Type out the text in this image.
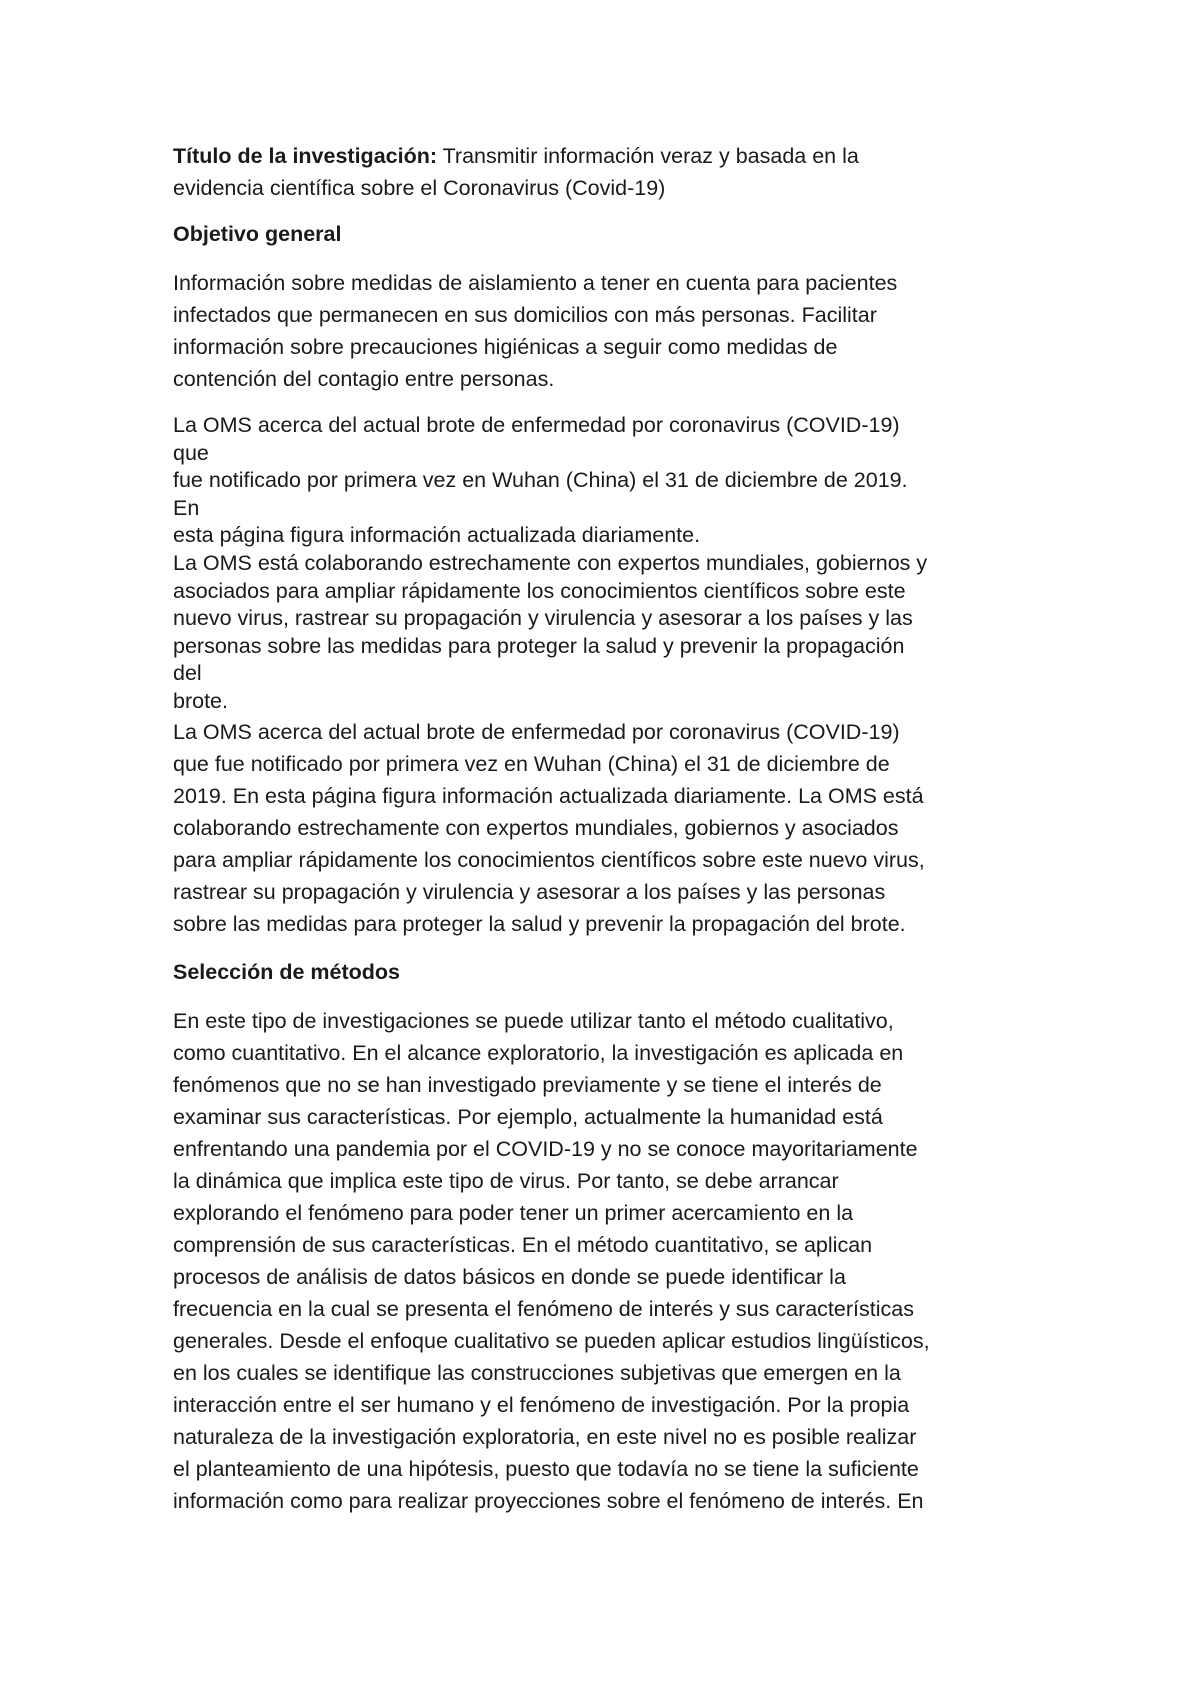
Título de la investigación: Transmitir información veraz y basada en la
evidencia científica sobre el Coronavirus (Covid-19)

Objetivo general

Información sobre medidas de aislamiento a tener en cuenta para pacientes
infectados que permanecen en sus domicilios con más personas. Facilitar
información sobre precauciones higiénicas a seguir como medidas de
contención del contagio entre personas.

La OMS acerca del actual brote de enfermedad por coronavirus (COVID-19)
que
fue notificado por primera vez en Wuhan (China) el 31 de diciembre de 2019.
En
esta página figura información actualizada diariamente.
La OMS está colaborando estrechamente con expertos mundiales, gobiernos y
asociados para ampliar rápidamente los conocimientos científicos sobre este
nuevo virus, rastrear su propagación y virulencia y asesorar a los países y las
personas sobre las medidas para proteger la salud y prevenir la propagación
del
brote.

La OMS acerca del actual brote de enfermedad por coronavirus (COVID-19)
que fue notificado por primera vez en Wuhan (China) el 31 de diciembre de
2019. En esta página figura información actualizada diariamente. La OMS está
colaborando estrechamente con expertos mundiales, gobiernos y asociados
para ampliar rápidamente los conocimientos científicos sobre este nuevo virus,
rastrear su propagación y virulencia y asesorar a los países y las personas
sobre las medidas para proteger la salud y prevenir la propagación del brote.

Selección de métodos

En este tipo de investigaciones se puede utilizar tanto el método cualitativo,
como cuantitativo. En el alcance exploratorio, la investigación es aplicada en
fenómenos que no se han investigado previamente y se tiene el interés de
examinar sus características. Por ejemplo, actualmente la humanidad está
enfrentando una pandemia por el COVID-19 y no se conoce mayoritariamente
la dinámica que implica este tipo de virus. Por tanto, se debe arrancar
explorando el fenómeno para poder tener un primer acercamiento en la
comprensión de sus características. En el método cuantitativo, se aplican
procesos de análisis de datos básicos en donde se puede identificar la
frecuencia en la cual se presenta el fenómeno de interés y sus características
generales. Desde el enfoque cualitativo se pueden aplicar estudios lingüísticos,
en los cuales se identifique las construcciones subjetivas que emergen en la
interacción entre el ser humano y el fenómeno de investigación. Por la propia
naturaleza de la investigación exploratoria, en este nivel no es posible realizar
el planteamiento de una hipótesis, puesto que todavía no se tiene la suficiente
información como para realizar proyecciones sobre el fenómeno de interés. En
